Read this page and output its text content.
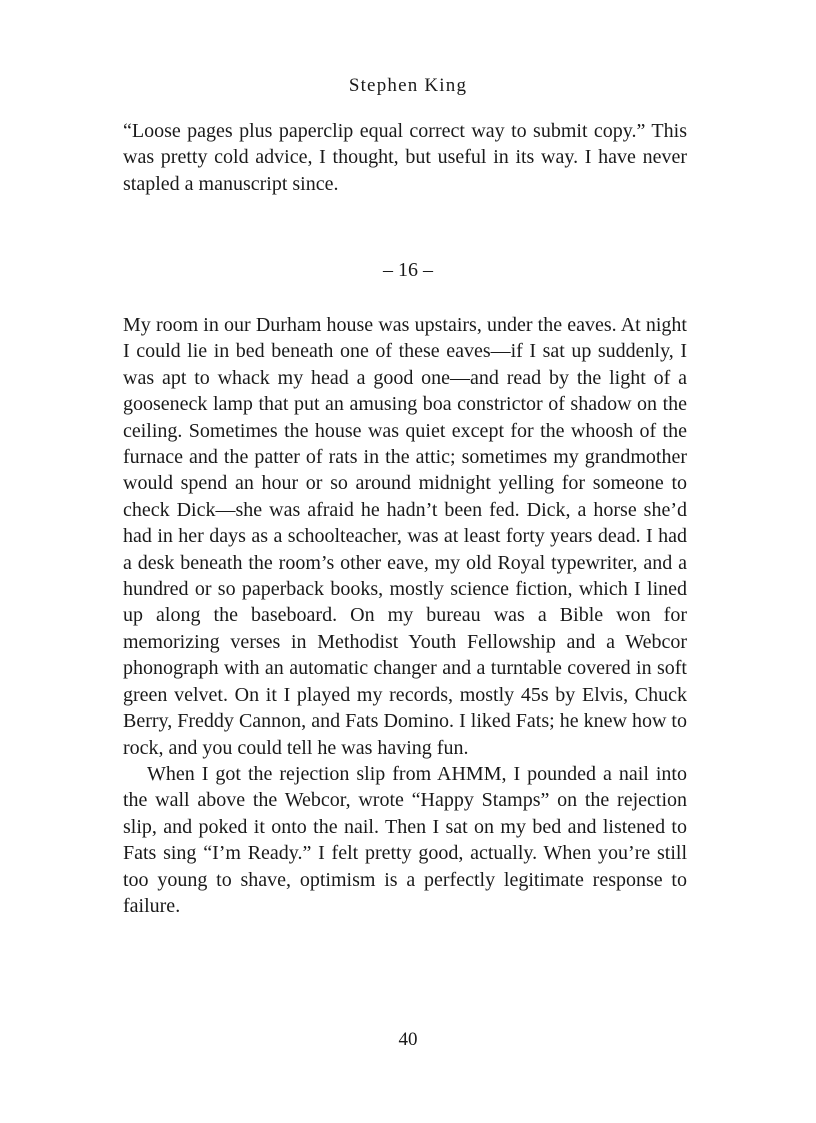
Stephen King

“Loose pages plus paperclip equal correct way to submit copy.” This was pretty cold advice, I thought, but useful in its way. I have never stapled a manuscript since.

– 16 –

My room in our Durham house was upstairs, under the eaves. At night I could lie in bed beneath one of these eaves—if I sat up suddenly, I was apt to whack my head a good one—and read by the light of a gooseneck lamp that put an amusing boa constrictor of shadow on the ceiling. Sometimes the house was quiet except for the whoosh of the furnace and the patter of rats in the attic; sometimes my grandmother would spend an hour or so around midnight yelling for someone to check Dick—she was afraid he hadn’t been fed. Dick, a horse she’d had in her days as a schoolteacher, was at least forty years dead. I had a desk beneath the room’s other eave, my old Royal typewriter, and a hundred or so paperback books, mostly science fiction, which I lined up along the baseboard. On my bureau was a Bible won for memorizing verses in Methodist Youth Fellowship and a Webcor phonograph with an automatic changer and a turntable covered in soft green velvet. On it I played my records, mostly 45s by Elvis, Chuck Berry, Freddy Cannon, and Fats Domino. I liked Fats; he knew how to rock, and you could tell he was having fun.

When I got the rejection slip from AHMM, I pounded a nail into the wall above the Webcor, wrote “Happy Stamps” on the rejection slip, and poked it onto the nail. Then I sat on my bed and listened to Fats sing “I’m Ready.” I felt pretty good, actually. When you’re still too young to shave, optimism is a perfectly legitimate response to failure.

40
